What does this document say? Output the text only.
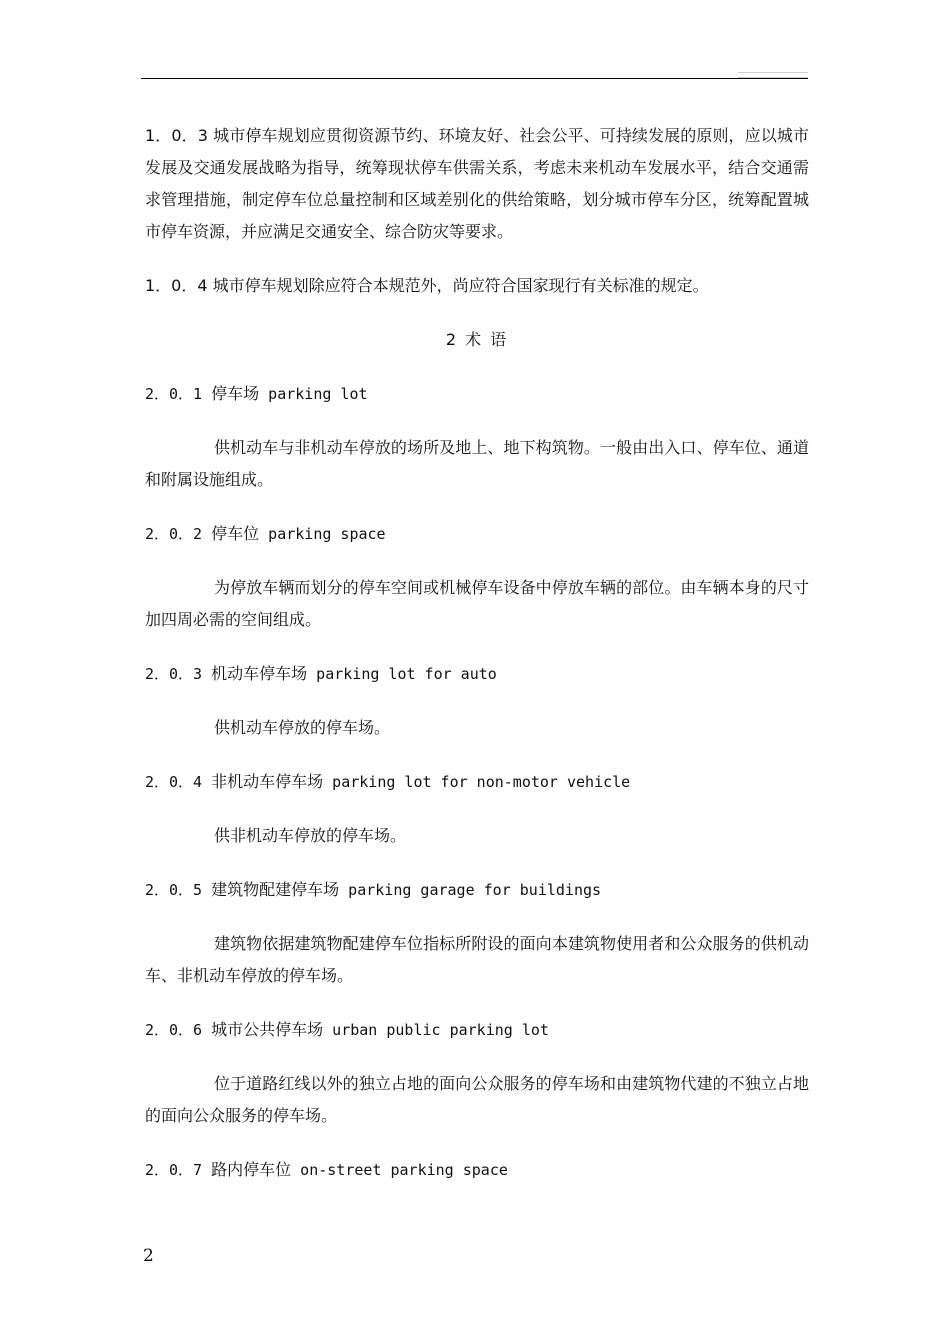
1．0．3 城市停车规划应贯彻资源节约、环境友好、社会公平、可持续发展的原则，应以城市发展及交通发展战略为指导，统筹现状停车供需关系，考虑未来机动车发展水平，结合交通需求管理措施，制定停车位总量控制和区域差别化的供给策略，划分城市停车分区，统筹配置城市停车资源，并应满足交通安全、综合防灾等要求。

1．0．4 城市停车规划除应符合本规范外，尚应符合国家现行有关标准的规定。

2 术 语
2．0．1 停车场 parking lot

供机动车与非机动车停放的场所及地上、地下构筑物。一般由出入口、停车位、通道和附属设施组成。

2．0．2 停车位 parking space

为停放车辆而划分的停车空间或机械停车设备中停放车辆的部位。由车辆本身的尺寸加四周必需的空间组成。

2．0．3 机动车停车场 parking lot for auto

供机动车停放的停车场。

2．0．4 非机动车停车场 parking lot for non-motor vehicle

供非机动车停放的停车场。

2．0．5 建筑物配建停车场 parking garage for buildings

建筑物依据建筑物配建停车位指标所附设的面向本建筑物使用者和公众服务的供机动车、非机动车停放的停车场。

2．0．6 城市公共停车场 urban public parking lot

位于道路红线以外的独立占地的面向公众服务的停车场和由建筑物代建的不独立占地的面向公众服务的停车场。

2．0．7 路内停车位 on-street parking space
2
